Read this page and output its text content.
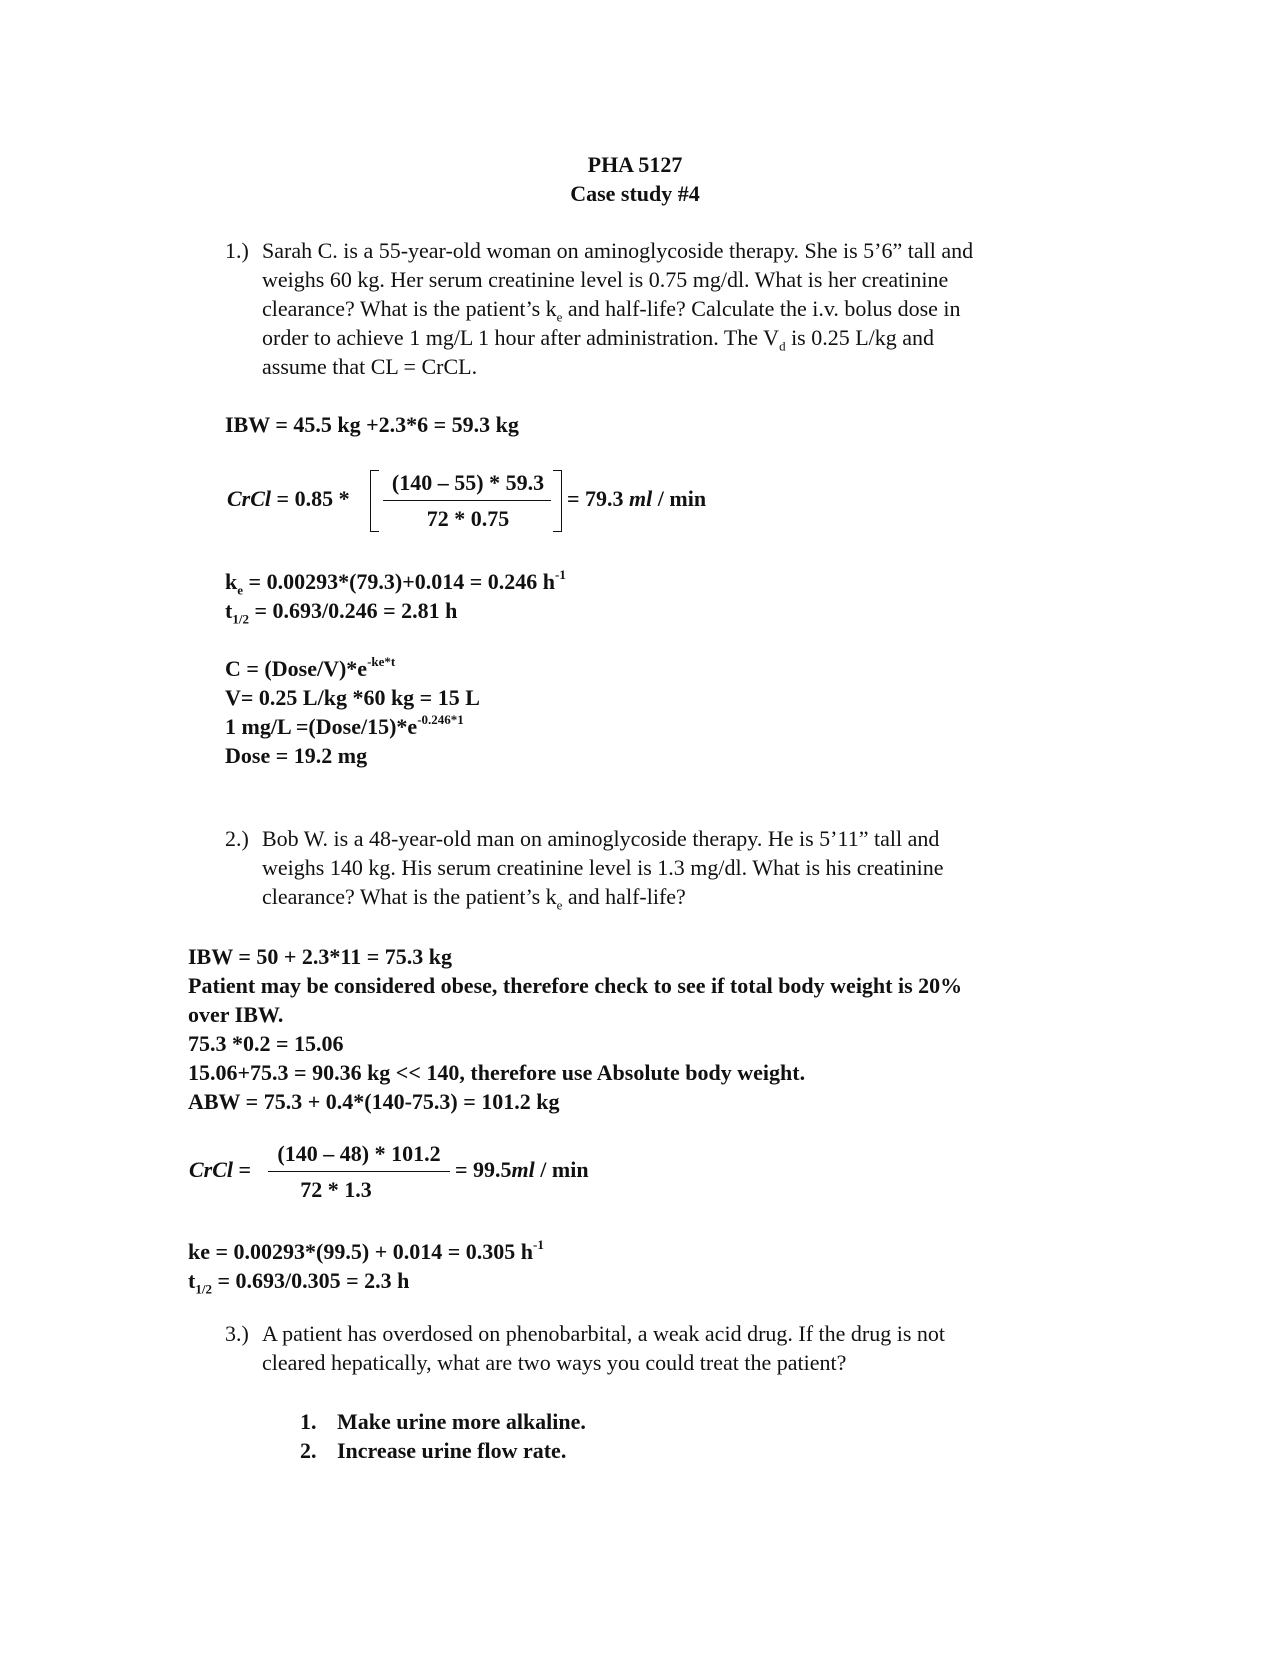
PHA 5127
Case study #4
1.) Sarah C. is a 55-year-old woman on aminoglycoside therapy. She is 5’6” tall and
weighs 60 kg. Her serum creatinine level is 0.75 mg/dl. What is her creatinine
clearance? What is the patient’s $k_e$ and half-life? Calculate the i.v. bolus dose in
order to achieve 1 mg/L 1 hour after administration. The $V_d$ is 0.25 L/kg and
assume that CL = CrCL.
IBW = 45.5 kg +2.3*6 = 59.3 kg
CrCl = 0.85 *
(140 – 55) * 59.3
72 * 0.75
= 79.3 ml / min
$k_e = 0.00293*(79.3)+0.014 = 0.246$ $h^{-1}$
$t_{1/2} = 0.693/0.246 = 2.81$ h
$C = (Dose/V)*e^{-ke*t}$
V= 0.25 L/kg *60 kg = 15 L
1 $mg/L =(Dose/15)*e^{-0.246*1}$
Dose = 19.2 mg
2.) Bob W. is a 48-year-old man on aminoglycoside therapy. He is 5’11” tall and
weighs 140 kg. His serum creatinine level is 1.3 mg/dl. What is his creatinine
clearance? What is the patient’s $k_e$ and half-life?
IBW = 50 + 2.3*11 = 75.3 kg
Patient may be considered obese, therefore check to see if total body weight is 20%
over IBW.
75.3 *0.2 = 15.06
15.06+75.3 = 90.36 kg << 140, therefore use Absolute body weight.
ABW = 75.3 + 0.4*(140-75.3) = 101.2 kg
CrCl =
(140 – 48) * 101.2
72 * 1.3
= 99.5ml / min
ke = 0.00293*(99.5) + 0.014 = 0.305 $h^{-1}$
$t_{1/2} = 0.693/0.305 = 2.3$ h
3.) A patient has overdosed on phenobarbital, a weak acid drug. If the drug is not
cleared hepatically, what are two ways you could treat the patient?
1. Make urine more alkaline.
2. Increase urine flow rate.
